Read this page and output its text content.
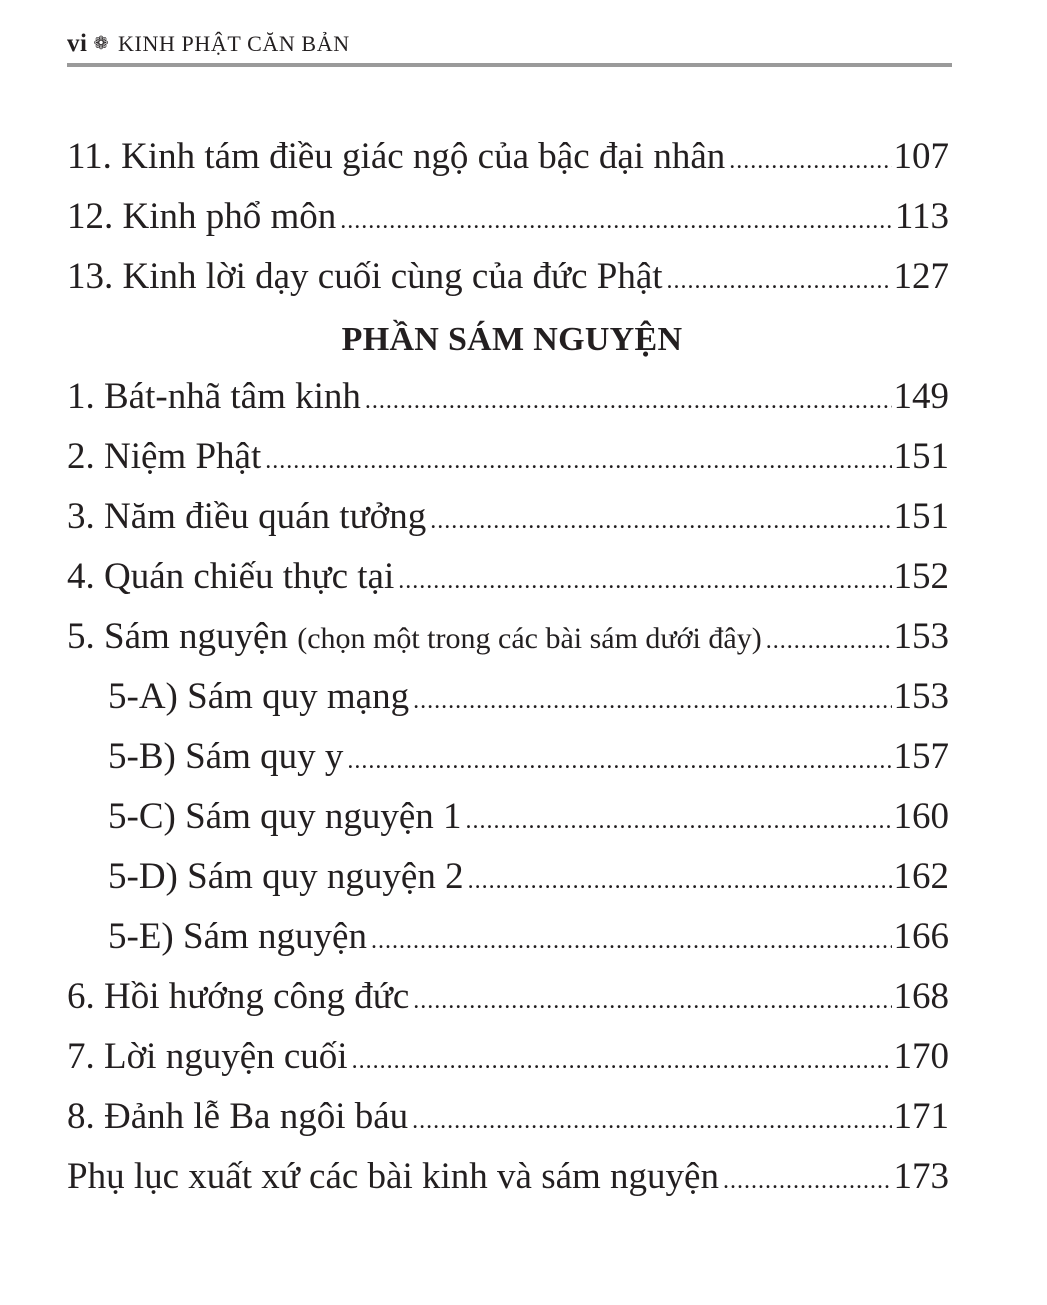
vi ❁ KINH PHẬT CĂN BẢN
11. Kinh tám điều giác ngộ của bậc đại nhân .....	107
12. Kinh phổ môn .....	113
13. Kinh lời dạy cuối cùng của đức Phật .....	127
PHẦN SÁM NGUYỆN
1. Bát-nhã tâm kinh .....	149
2. Niệm Phật .....	151
3. Năm điều quán tưởng .....	151
4. Quán chiếu thực tại .....	152
5. Sám nguyện (chọn một trong các bài sám dưới đây) .....	153
5-A) Sám quy mạng .....	153
5-B) Sám quy y .....	157
5-C) Sám quy nguyện 1 .....	160
5-D) Sám quy nguyện 2 .....	162
5-E) Sám nguyện .....	166
6. Hồi hướng công đức .....	168
7. Lời nguyện cuối .....	170
8. Đảnh lễ Ba ngôi báu .....	171
Phụ lục xuất xứ các bài kinh và sám nguyện .....	173
